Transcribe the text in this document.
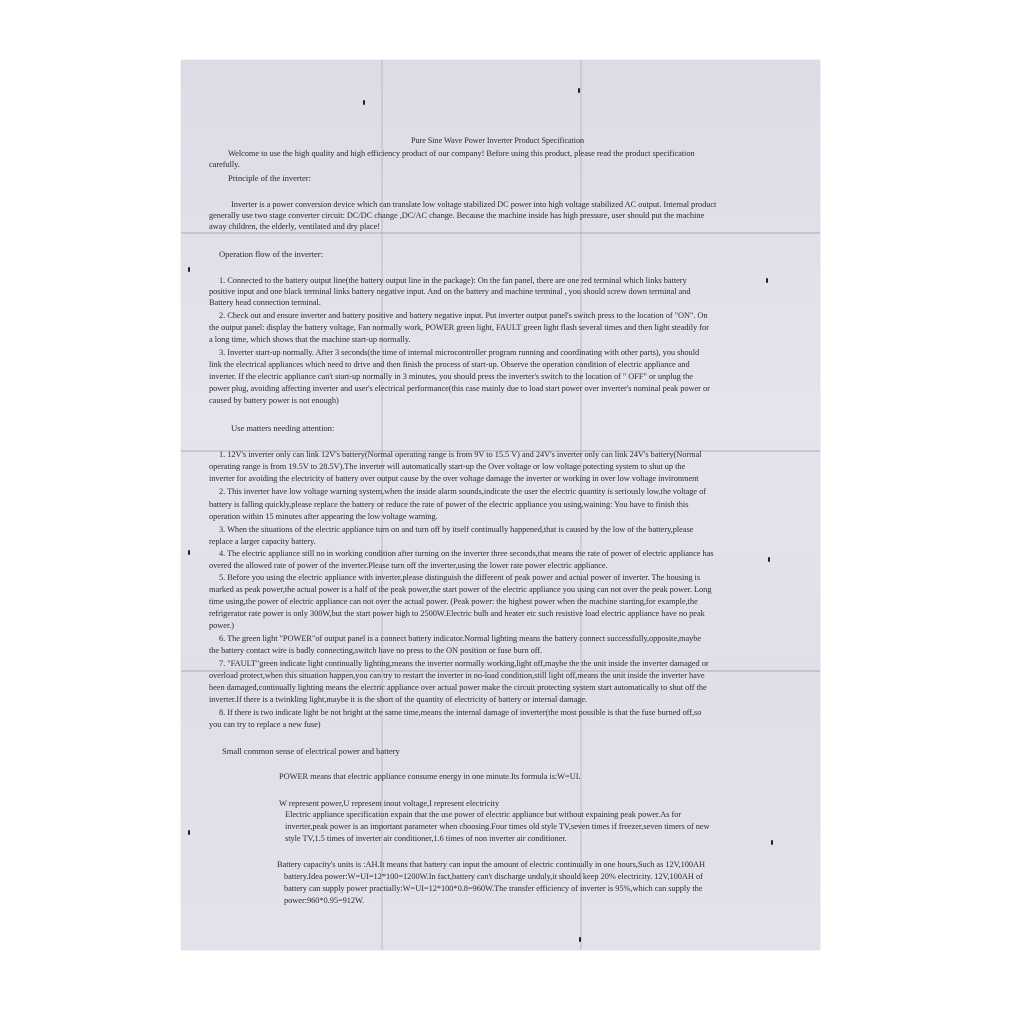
Pure Sine Wave Power Inverter Product Specification
Welcome to use the high quality and high efficiency product of our company! Before using this product, please read the product specification
carefully.
Principle of the inverter:
Inverter is a power conversion device which can translate low voltage stabilized DC power into high voltage stabilized AC output. Internal product
generally use two stage converter circuit: DC/DC change ,DC/AC change. Because the machine inside has high pressure, user should put the machine
away children, the elderly, ventilated and dry place!
Operation flow of the inverter:
1. Connected to the battery output line(the battery output line in the package): On the fan panel, there are one red terminal which links battery
positive input and one black terminal links battery negative input. And on the battery and machine terminal , you should screw down terminal and
Battery head connection terminal.
2. Check out and ensure inverter and battery positive and battery negative input. Put inverter output panel's switch press to the location of "ON". On
the output panel: display the battery voltage, Fan normally work, POWER green light, FAULT green light flash several times and then light steadily for
a long time, which shows that the machine start-up normally.
3. Inverter start-up normally. After 3 seconds(the time of internal microcontroller program running and coordinating with other parts), you should
link the electrical appliances which need to drive and then finish the process of start-up. Observe the operation condition of electric appliance and
inverter. If the electric appliance can't start-up normally in 3 minutes, you should press the inverter's switch to the location of " OFF" or unplug the
power plug, avoiding affecting inverter and user's electrical performance(this case mainly due to load start power over inverter's nominal peak power or
caused by battery power is not enough)
Use matters needing attention:
1. 12V's inverter only can link 12V's battery(Normal operating range is from 9V to 15.5 V) and 24V's inverter only can link 24V's battery(Normal
operating range is from 19.5V to 28.5V).The inverter will automatically start-up the Over voltage or low voltage potecting system to shut up the
inverter for avoiding the electricity of battery over output cause by the over voltage damage the inverter or working in over low voltage invironment
2. This inverter have low voltage warning system,when the inside alarm sounds,indicate the user the electric quantity is seriously low,the voltage of
battery is falling quickly,please replace the battery or reduce the rate of power of the electric appliance you using,waining: You have to finish this
operation within 15 minutes after appearing the low voltage warning.
3. When the situations of the electric appliance turn on and turn off by itself continually happened,that is caused by the low of the battery,please
replace a larger capacity battery.
4. The electric appliance still no in working condition after turning on the inverter three seconds,that means the rate of power of electric appliance has
overed the allowed rate of power of the inverter.Please turn off the inverter,using the lower rate power electric appliance.
5. Before you using the electric appliance with inverter,please distinguish the different of peak power and actual power of inverter. The housing is
marked as peak power,the actual power is a half of the peak power,the start power of the electric appliance you using can not over the peak power. Long
time using,the power of electric appliance can not over the actual power. (Peak power: the highest power when the machine starting,for example,the
refrigerator rate power is only 300W,but the start power high to 2500W.Electric bulb and heater etc such resistive load electric appliance have no peak
power.)
6. The green light "POWER"of output panel is a connect battery indicator.Normal lighting means the battery connect successfully,opposite,maybe
the battery contact wire is badly connecting,switch have no press to the ON position or fuse burn off.
7. "FAULT"green indicate light continually lighting,means the inverter normally working,light off,maybe the the unit inside the inverter damaged or
overload protect,when this situation happen,you can try to restart the inverter in no-load condition,still light off,means the unit inside the inverter have
been damaged,continually lighting means the electric appliance over actual power make the circuit protecting system start automatically to shut off the
inverter.If there is a twinkling light,maybe it is the short of the quantity of electricity of battery or internal damage.
8. If there is two indicate light be not bright at the same time,means the internal damage of inverter(the most possible is that the fuse burned off,so
you can try to replace a new fuse)
Small common sense of electrical power and battery
POWER means that electric appliance consume energy in one minute.Its formula is:W=UI.
W represent power,U represent inout voltage,I represent electricity
Electric appliance specification expain that the use power of electric appliance but without expaining peak power.As for
inverter,peak power is an important parameter when choosing.Four times old style TV,seven times if freezer,seven timers of new
style TV,1.5 times of inverter air conditioner,1.6 times of non inverter air conditioner.
Battery capacity's units is :AH.It means that battery can input the amount of electric continually in one hours,Such as 12V,100AH
battery.Idea power:W=UI=12*100=1200W.In fact,battery can't discharge unduly,it should keep 20% electricity. 12V,100AH of
battery can supply power practially:W=UI=12*100*0.8=960W.The transfer efficiency of inverter is 95%,which can supply the
power:960*0.95=912W.
